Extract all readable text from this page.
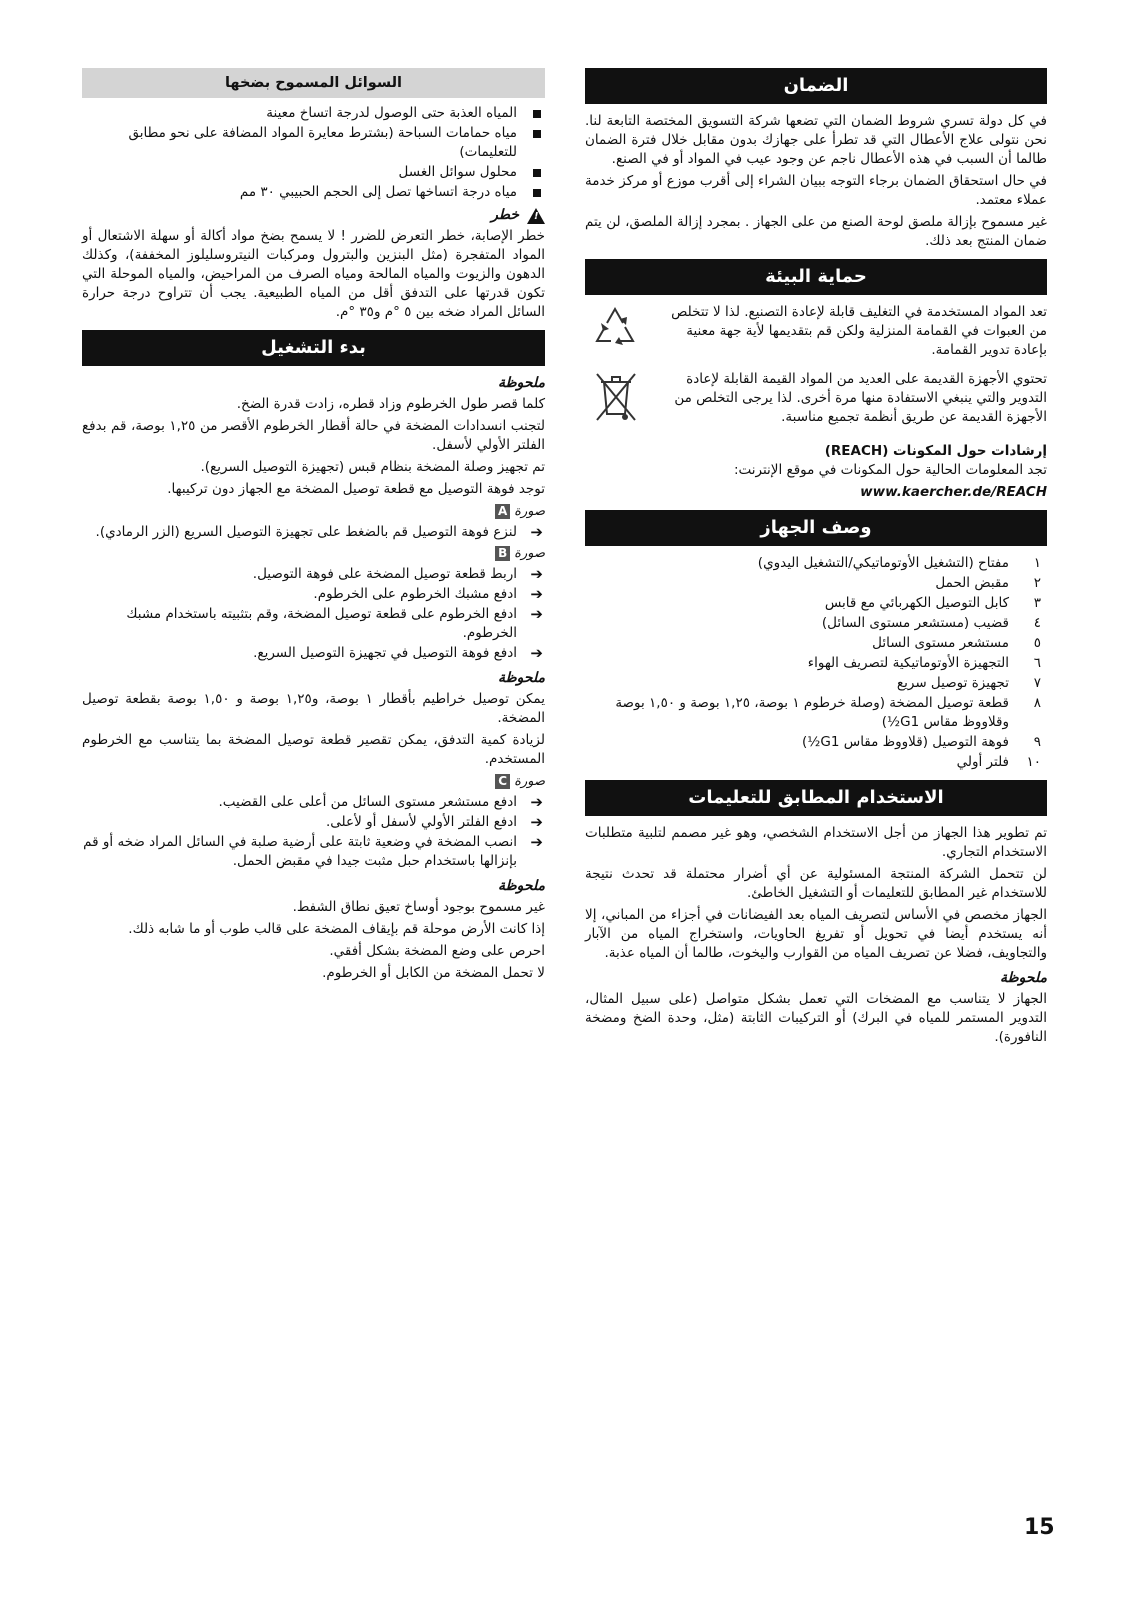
الضمان

في كل دولة تسري شروط الضمان التي تضعها شركة التسويق المختصة التابعة لنا. نحن نتولى علاج الأعطال التي قد تطرأ على جهازك بدون مقابل خلال فترة الضمان طالما أن السبب في هذه الأعطال ناجم عن وجود عيب في المواد أو في الصنع.

في حال استحقاق الضمان برجاء التوجه ببيان الشراء إلى أقرب موزع أو مركز خدمة عملاء معتمد.

غير مسموح بإزالة ملصق لوحة الصنع من على الجهاز . بمجرد إزالة الملصق، لن يتم ضمان المنتج بعد ذلك.

حماية البيئة
تعد المواد المستخدمة في التغليف قابلة لإعادة التصنيع. لذا لا تتخلص من العبوات في القمامة المنزلية ولكن قم بتقديمها لأية جهة معنية بإعادة تدوير القمامة.
تحتوي الأجهزة القديمة على العديد من المواد القيمة القابلة لإعادة التدوير والتي ينبغي الاستفادة منها مرة أخرى. لذا يرجى التخلص من الأجهزة القديمة عن طريق أنظمة تجميع مناسبة.
إرشادات حول المكونات (REACH)

تجد المعلومات الحالية حول المكونات في موقع الإنترنت:

www.kaercher.de/REACH
وصف الجهاز
١
مفتاح (التشغيل الأوتوماتيكي/التشغيل اليدوي)
٢
مقبض الحمل
٣
كابل التوصيل الكهربائي مع قابس
٤
قضيب (مستشعر مستوى السائل)
٥
مستشعر مستوى السائل
٦
التجهيزة الأوتوماتيكية لتصريف الهواء
٧
تجهيزة توصيل سريع
٨
قطعة توصيل المضخة (وصلة خرطوم ١ بوصة، ١,٢٥ بوصة و ١,٥٠ بوصة وقلاووظ مقاس G1½)
٩
فوهة التوصيل (قلاووظ مقاس G1½)
١٠
فلتر أولي
الاستخدام المطابق للتعليمات

تم تطوير هذا الجهاز من أجل الاستخدام الشخصي، وهو غير مصمم لتلبية متطلبات الاستخدام التجاري.

لن تتحمل الشركة المنتجة المسئولية عن أي أضرار محتملة قد تحدث نتيجة للاستخدام غير المطابق للتعليمات أو التشغيل الخاطئ.

الجهاز مخصص في الأساس لتصريف المياه بعد الفيضانات في أجزاء من المباني، إلا أنه يستخدم أيضا في تحويل أو تفريغ الحاويات، واستخراج المياه من الآبار والتجاويف، فضلا عن تصريف المياه من القوارب واليخوت، طالما أن المياه عذبة.

ملحوظة

الجهاز لا يتناسب مع المضخات التي تعمل بشكل متواصل (على سبيل المثال، التدوير المستمر للمياه في البرك) أو التركيبات الثابتة (مثل، وحدة الضخ ومضخة النافورة).

السوائل المسموح بضخها
المياه العذبة حتى الوصول لدرجة اتساخ معينة
مياه حمامات السباحة (بشترط معايرة المواد المضافة على نحو مطابق للتعليمات)
محلول سوائل الغسل
مياه درجة اتساخها تصل إلى الحجم الحبيبي ٣٠ مم
!
خطر

خطر الإصابة، خطر التعرض للضرر ! لا يسمح بضخ مواد أكالة أو سهلة الاشتعال أو المواد المتفجرة (مثل البنزين والبترول ومركبات النيتروسليلوز المخففة)، وكذلك الدهون والزيوت والمياه المالحة ومياه الصرف من المراحيض، والمياه الموحلة التي تكون قدرتها على التدفق أقل من المياه الطبيعية. يجب أن تتراوح درجة حرارة السائل المراد ضخه بين ٥ °م و٣٥ °م.

بدء التشغيل
ملحوظة

كلما قصر طول الخرطوم وزاد قطره، زادت قدرة الضخ.

لتجنب انسدادات المضخة في حالة أقطار الخرطوم الأقصر من ١,٢٥ بوصة، قم بدفع الفلتر الأولي لأسفل.

تم تجهيز وصلة المضخة بنظام قبس (تجهيزة التوصيل السريع).

توجد فوهة التوصيل مع قطعة توصيل المضخة مع الجهاز دون تركيبها.

صورة
A
➔
لنزع فوهة التوصيل قم بالضغط على تجهيزة التوصيل السريع (الزر الرمادي).
صورة
B
➔
اربط قطعة توصيل المضخة على فوهة التوصيل.
➔
ادفع مشبك الخرطوم على الخرطوم.
➔
ادفع الخرطوم على قطعة توصيل المضخة، وقم بتثبيته باستخدام مشبك الخرطوم.
➔
ادفع فوهة التوصيل في تجهيزة التوصيل السريع.
ملحوظة

يمكن توصيل خراطيم بأقطار ١ بوصة، و١,٢٥ بوصة و ١,٥٠ بوصة بقطعة توصيل المضخة.

لزيادة كمية التدفق، يمكن تقصير قطعة توصيل المضخة بما يتناسب مع الخرطوم المستخدم.

صورة
C
➔
ادفع مستشعر مستوى السائل من أعلى على القضيب.
➔
ادفع الفلتر الأولي لأسفل أو لأعلى.
➔
انصب المضخة في وضعية ثابتة على أرضية صلبة في السائل المراد ضخه أو قم بإنزالها باستخدام حبل مثبت جيدا في مقبض الحمل.
ملحوظة

غير مسموح بوجود أوساخ تعيق نطاق الشفط.

إذا كانت الأرض موحلة قم بإيقاف المضخة على قالب طوب أو ما شابه ذلك.

احرص على وضع المضخة بشكل أفقي.

لا تحمل المضخة من الكابل أو الخرطوم.

15
